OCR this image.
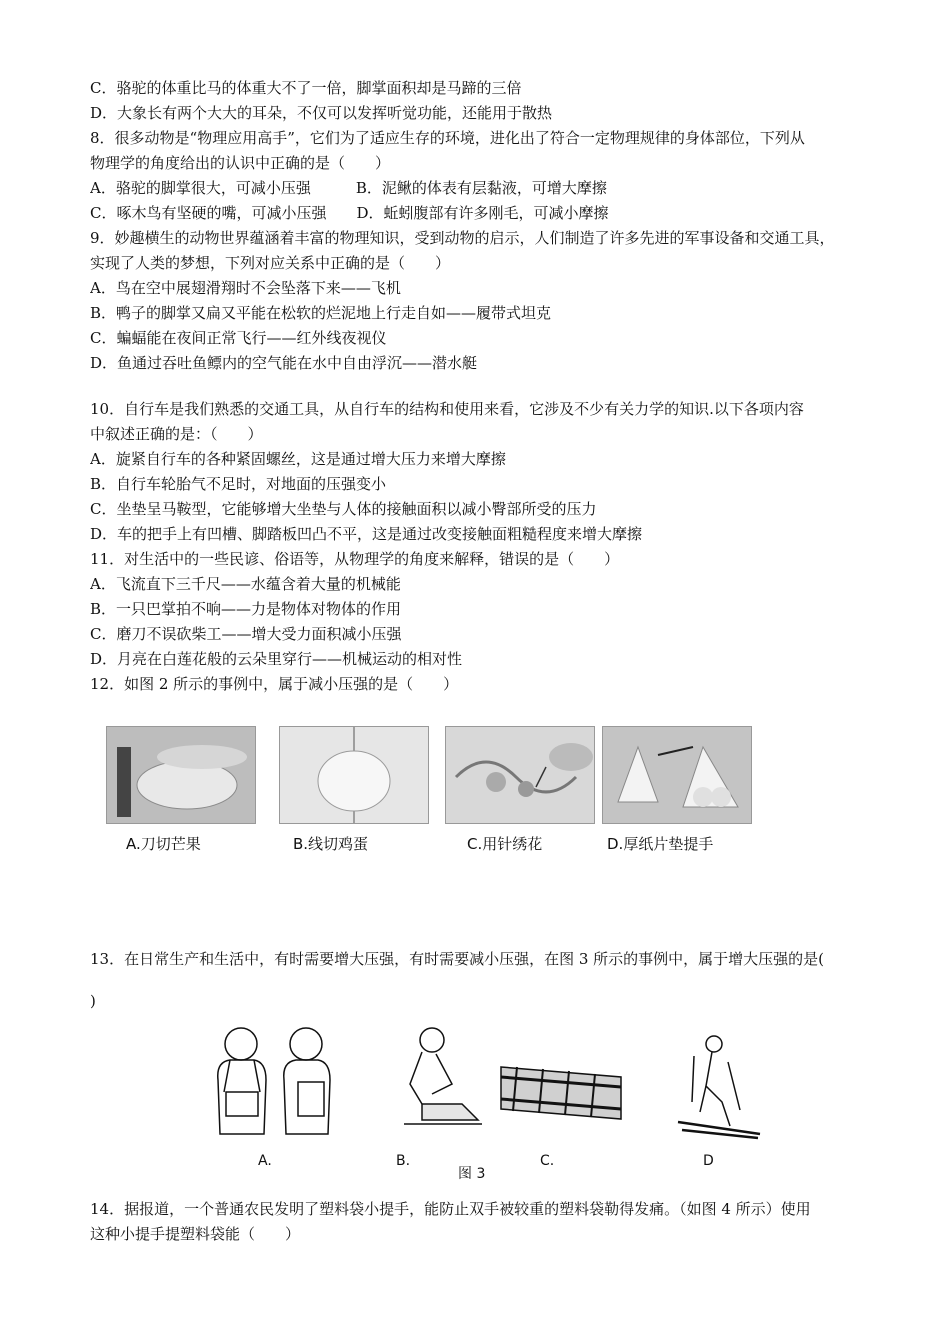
C．骆驼的体重比马的体重大不了一倍，脚掌面积却是马蹄的三倍
D．大象长有两个大大的耳朵，不仅可以发挥听觉功能，还能用于散热
8．很多动物是“物理应用高手”，它们为了适应生存的环境，进化出了符合一定物理规律的身体部位，下列从
物理学的角度给出的认识中正确的是（　　）
A．骆驼的脚掌很大，可减小压强　　　B．泥鳅的体表有层黏液，可增大摩擦
C．啄木鸟有坚硬的嘴，可减小压强　　D．蚯蚓腹部有许多刚毛，可减小摩擦
9．妙趣横生的动物世界蕴涵着丰富的物理知识，受到动物的启示，人们制造了许多先进的军事设备和交通工具，
实现了人类的梦想，下列对应关系中正确的是（　　）
A．鸟在空中展翅滑翔时不会坠落下来——飞机
B．鸭子的脚掌又扁又平能在松软的烂泥地上行走自如——履带式坦克
C．蝙蝠能在夜间正常飞行——红外线夜视仪
D．鱼通过吞吐鱼鳔内的空气能在水中自由浮沉——潜水艇
10．自行车是我们熟悉的交通工具，从自行车的结构和使用来看，它涉及不少有关力学的知识.以下各项内容
中叙述正确的是：（　　）
A．旋紧自行车的各种紧固螺丝，这是通过增大压力来增大摩擦
B．自行车轮胎气不足时，对地面的压强变小
C．坐垫呈马鞍型，它能够增大坐垫与人体的接触面积以减小臀部所受的压力
D．车的把手上有凹槽、脚踏板凹凸不平，这是通过改变接触面粗糙程度来增大摩擦
11．对生活中的一些民谚、俗语等，从物理学的角度来解释，错误的是（　　）
A．飞流直下三千尺——水蕴含着大量的机械能
B．一只巴掌拍不响——力是物体对物体的作用
C．磨刀不误砍柴工——增大受力面积减小压强
D．月亮在白莲花般的云朵里穿行——机械运动的相对性
12．如图 2 所示的事例中，属于减小压强的是（　　）
A.刀切芒果	B.线切鸡蛋	C.用针绣花	D.厚纸片垫提手
13．在日常生产和生活中，有时需要增大压强，有时需要减小压强，在图 3 所示的事例中，属于增大压强的是(
)
A.	B.	C.	D
图 3
14．据报道，一个普通农民发明了塑料袋小提手，能防止双手被较重的塑料袋勒得发痛。（如图 4 所示）使用
这种小提手提塑料袋能（　　）
